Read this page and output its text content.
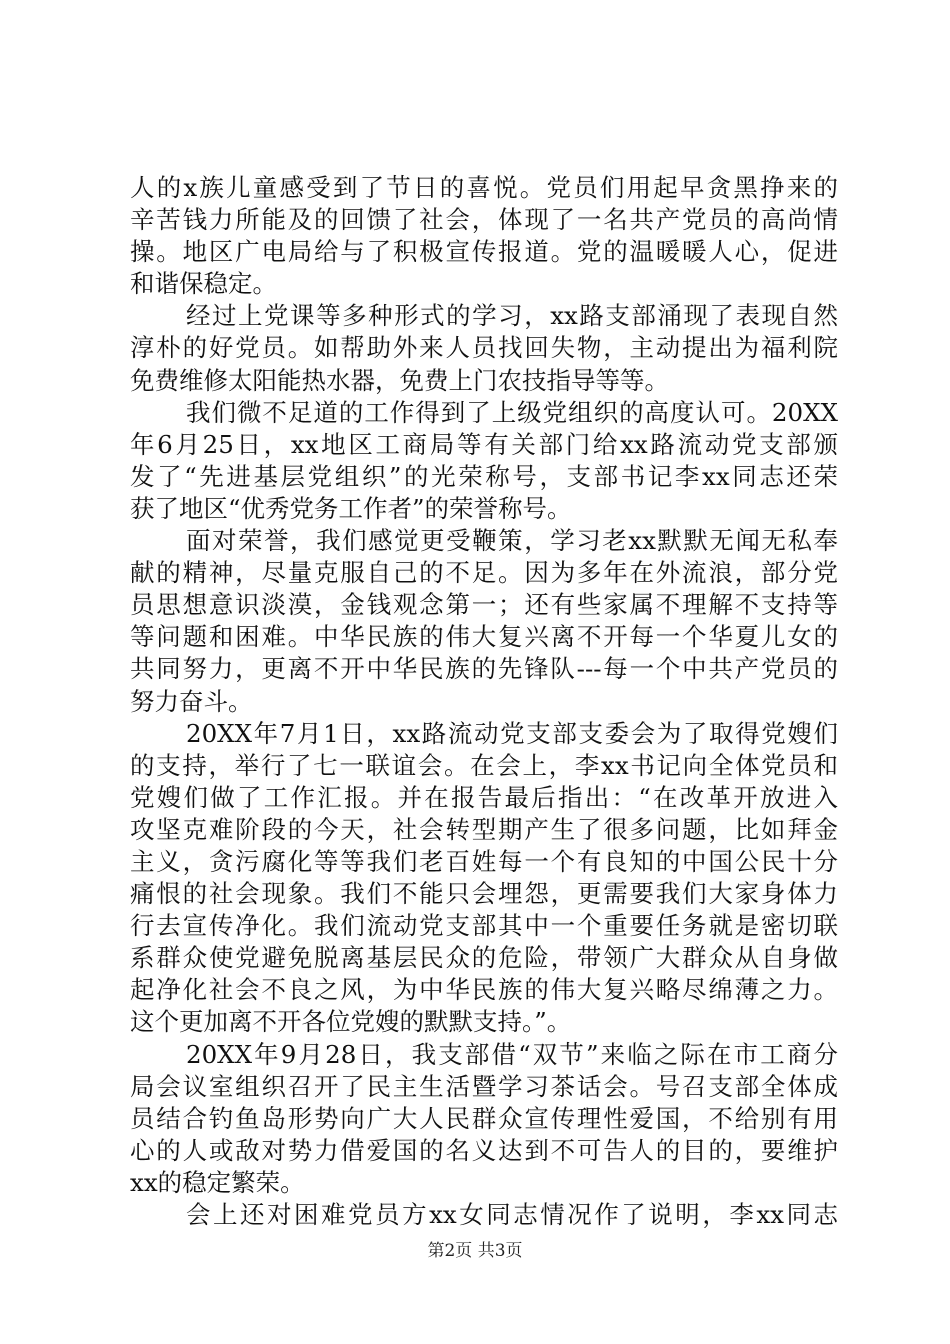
人的x族儿童感受到了节日的喜悦。党员们用起早贪黑挣来的
辛苦钱力所能及的回馈了社会，体现了一名共产党员的高尚情
操。地区广电局给与了积极宣传报道。党的温暖暖人心，促进
和谐保稳定。
经过上党课等多种形式的学习，xx路支部涌现了表现自然
淳朴的好党员。如帮助外来人员找回失物，主动提出为福利院
免费维修太阳能热水器，免费上门农技指导等等。
我们微不足道的工作得到了上级党组织的高度认可。20XX
年6月25日，xx地区工商局等有关部门给xx路流动党支部颁
发了“先进基层党组织”的光荣称号，支部书记李xx同志还荣
获了地区“优秀党务工作者”的荣誉称号。
面对荣誉，我们感觉更受鞭策，学习老xx默默无闻无私奉
献的精神，尽量克服自己的不足。因为多年在外流浪，部分党
员思想意识淡漠，金钱观念第一；还有些家属不理解不支持等
等问题和困难。中华民族的伟大复兴离不开每一个华夏儿女的
共同努力，更离不开中华民族的先锋队---每一个中共产党员的
努力奋斗。
20XX年7月1日，xx路流动党支部支委会为了取得党嫂们
的支持，举行了七一联谊会。在会上，李xx书记向全体党员和
党嫂们做了工作汇报。并在报告最后指出：“在改革开放进入
攻坚克难阶段的今天，社会转型期产生了很多问题，比如拜金
主义，贪污腐化等等我们老百姓每一个有良知的中国公民十分
痛恨的社会现象。我们不能只会埋怨，更需要我们大家身体力
行去宣传净化。我们流动党支部其中一个重要任务就是密切联
系群众使党避免脱离基层民众的危险，带领广大群众从自身做
起净化社会不良之风，为中华民族的伟大复兴略尽绵薄之力。
这个更加离不开各位党嫂的默默支持。”。
20XX年9月28日，我支部借“双节”来临之际在市工商分
局会议室组织召开了民主生活暨学习茶话会。号召支部全体成
员结合钓鱼岛形势向广大人民群众宣传理性爱国，不给别有用
心的人或敌对势力借爱国的名义达到不可告人的目的，要维护
xx的稳定繁荣。
会上还对困难党员方xx女同志情况作了说明，李xx同志
第2页 共3页
